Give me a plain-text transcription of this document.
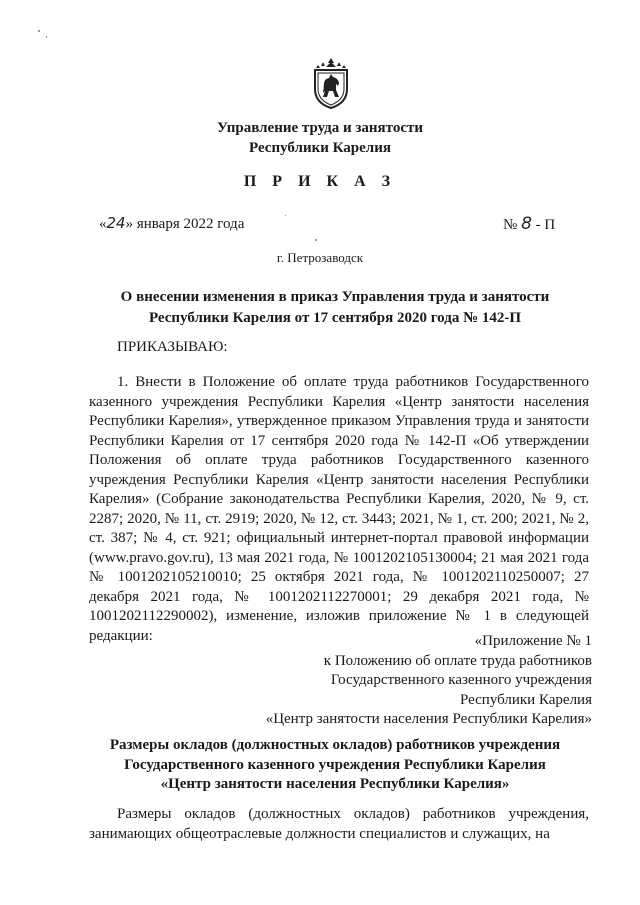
Управление труда и занятости
Республики Карелия
П Р И К А З
«24» января 2022 года	№ 8 - П
г. Петрозаводск
О внесении изменения в приказ Управления труда и занятости
Республики Карелия от 17 сентября 2020 года № 142-П
ПРИКАЗЫВАЮ:
1. Внести в Положение об оплате труда работников Государственного казенного учреждения Республики Карелия «Центр занятости населения Республики Карелия», утвержденное приказом Управления труда и занятости Республики Карелия от 17 сентября 2020 года № 142-П «Об утверждении Положения об оплате труда работников Государственного казенного учреждения Республики Карелия «Центр занятости населения Республики Карелия» (Собрание законодательства Республики Карелия, 2020, № 9, ст. 2287; 2020, № 11, ст. 2919; 2020, № 12, ст. 3443; 2021, № 1, ст. 200; 2021, № 2, ст. 387; № 4, ст. 921; официальный интернет-портал правовой информации (www.pravo.gov.ru), 13 мая 2021 года, № 1001202105130004; 21 мая 2021 года № 1001202105210010; 25 октября 2021 года, № 1001202110250007; 27 декабря 2021 года, № 1001202112270001; 29 декабря 2021 года, № 1001202112290002), изменение, изложив приложение № 1 в следующей редакции:	«Приложение № 1
к Положению об оплате труда работников
Государственного казенного учреждения
Республики Карелия
«Центр занятости населения Республики Карелия»
Размеры окладов (должностных окладов) работников учреждения
Государственного казенного учреждения Республики Карелия
«Центр занятости населения Республики Карелия»
Размеры окладов (должностных окладов) работников учреждения, занимающих общеотраслевые должности специалистов и служащих, на
